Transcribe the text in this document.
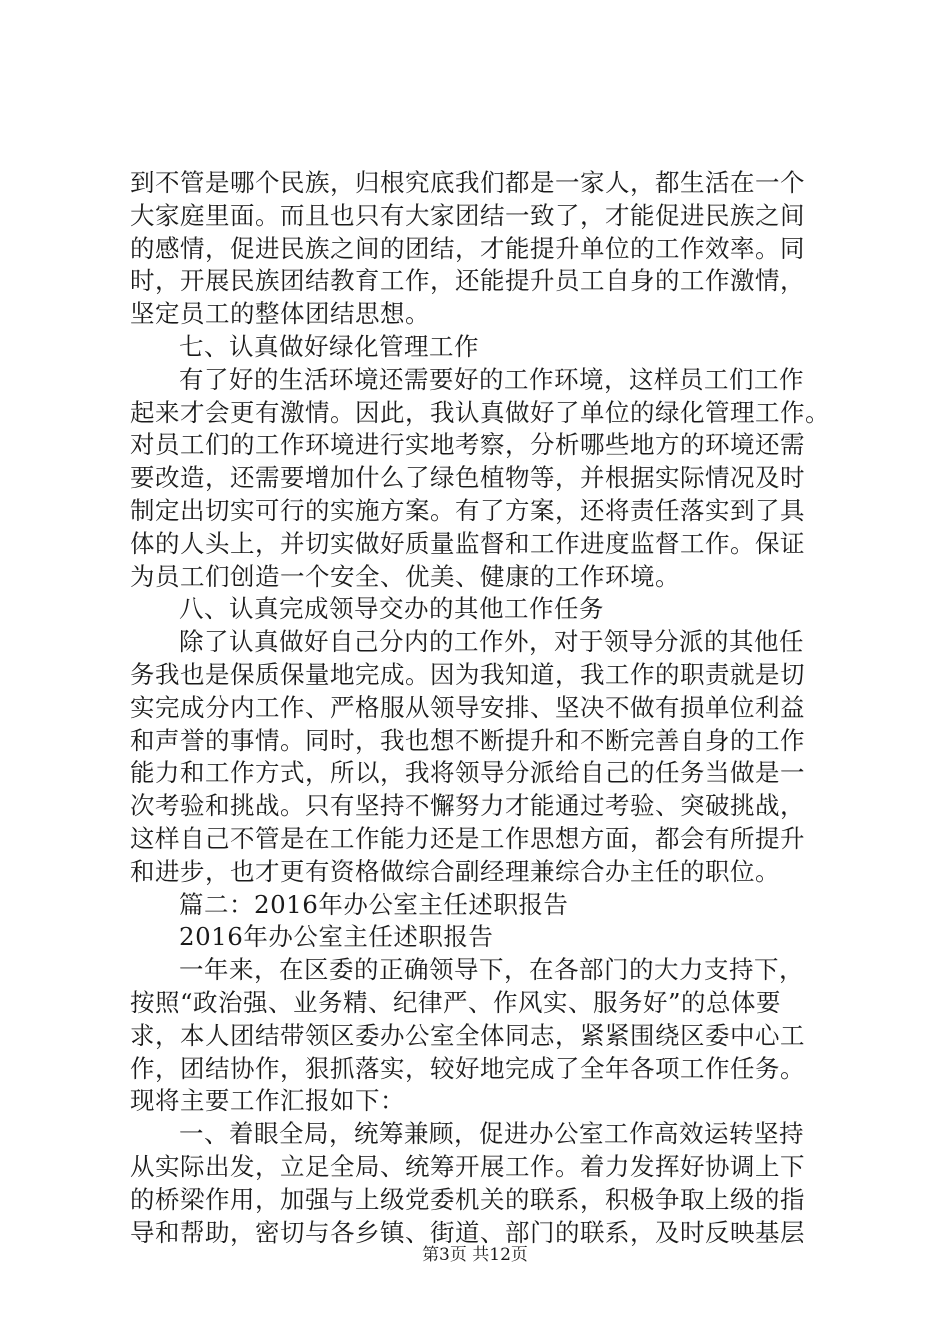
到不管是哪个民族，归根究底我们都是一家人，都生活在一个
大家庭里面。而且也只有大家团结一致了，才能促进民族之间
的感情，促进民族之间的团结，才能提升单位的工作效率。同
时，开展民族团结教育工作，还能提升员工自身的工作激情，
坚定员工的整体团结思想。
七、认真做好绿化管理工作
有了好的生活环境还需要好的工作环境，这样员工们工作
起来才会更有激情。因此，我认真做好了单位的绿化管理工作。
对员工们的工作环境进行实地考察，分析哪些地方的环境还需
要改造，还需要增加什么了绿色植物等，并根据实际情况及时
制定出切实可行的实施方案。有了方案，还将责任落实到了具
体的人头上，并切实做好质量监督和工作进度监督工作。保证
为员工们创造一个安全、优美、健康的工作环境。
八、认真完成领导交办的其他工作任务
除了认真做好自己分内的工作外，对于领导分派的其他任
务我也是保质保量地完成。因为我知道，我工作的职责就是切
实完成分内工作、严格服从领导安排、坚决不做有损单位利益
和声誉的事情。同时，我也想不断提升和不断完善自身的工作
能力和工作方式，所以，我将领导分派给自己的任务当做是一
次考验和挑战。只有坚持不懈努力才能通过考验、突破挑战，
这样自己不管是在工作能力还是工作思想方面，都会有所提升
和进步，也才更有资格做综合副经理兼综合办主任的职位。
篇二：2016年办公室主任述职报告
2016年办公室主任述职报告
一年来，在区委的正确领导下，在各部门的大力支持下，
按照“政治强、业务精、纪律严、作风实、服务好”的总体要
求，本人团结带领区委办公室全体同志，紧紧围绕区委中心工
作，团结协作，狠抓落实，较好地完成了全年各项工作任务。
现将主要工作汇报如下：
一、着眼全局，统筹兼顾，促进办公室工作高效运转坚持
从实际出发，立足全局、统筹开展工作。着力发挥好协调上下
的桥梁作用，加强与上级党委机关的联系，积极争取上级的指
导和帮助，密切与各乡镇、街道、部门的联系，及时反映基层
第3页 共12页
